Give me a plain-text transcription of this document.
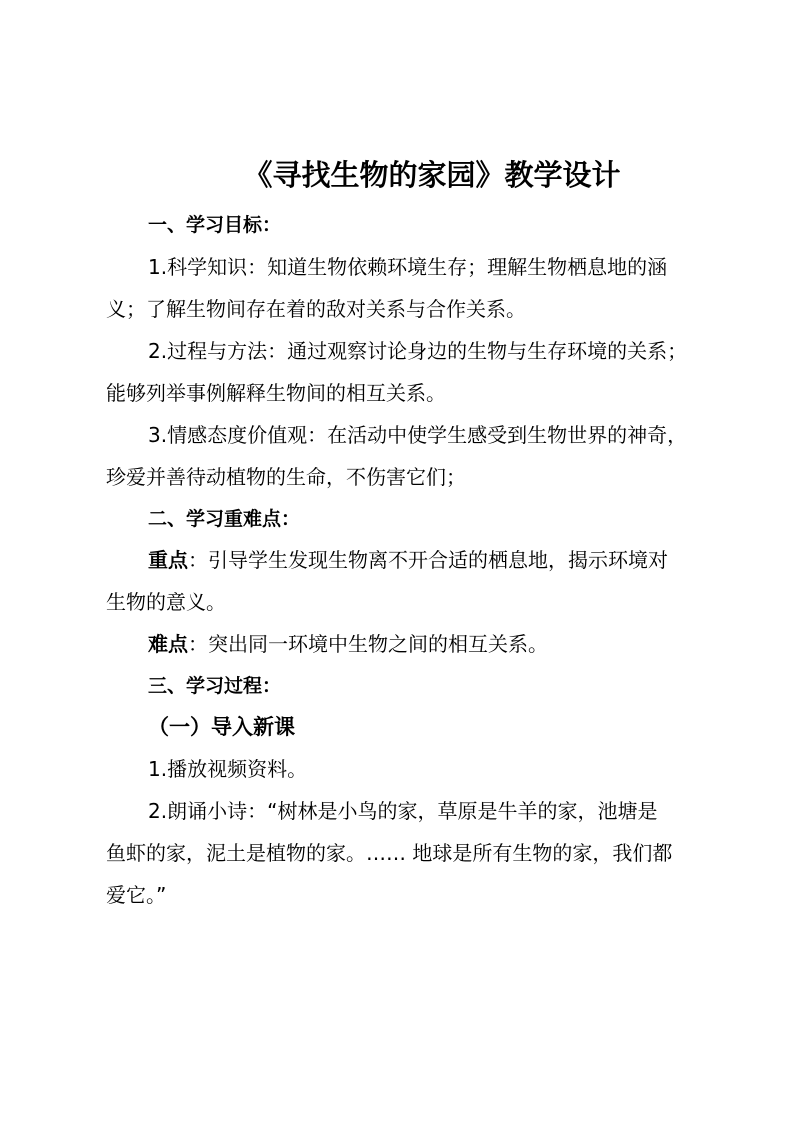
《寻找生物的家园》教学设计
一、学习目标：
1.科学知识：知道生物依赖环境生存；理解生物栖息地的涵
义；了解生物间存在着的敌对关系与合作关系。
2.过程与方法：通过观察讨论身边的生物与生存环境的关系；
能够列举事例解释生物间的相互关系。
3.情感态度价值观：在活动中使学生感受到生物世界的神奇，
珍爱并善待动植物的生命，不伤害它们；
二、学习重难点：
重点：引导学生发现生物离不开合适的栖息地，揭示环境对
生物的意义。
难点：突出同一环境中生物之间的相互关系。
三、学习过程：
（一）导入新课
1.播放视频资料。
2.朗诵小诗：“树林是小鸟的家，草原是牛羊的家，池塘是
鱼虾的家，泥土是植物的家。…… 地球是所有生物的家，我们都
爱它。”
